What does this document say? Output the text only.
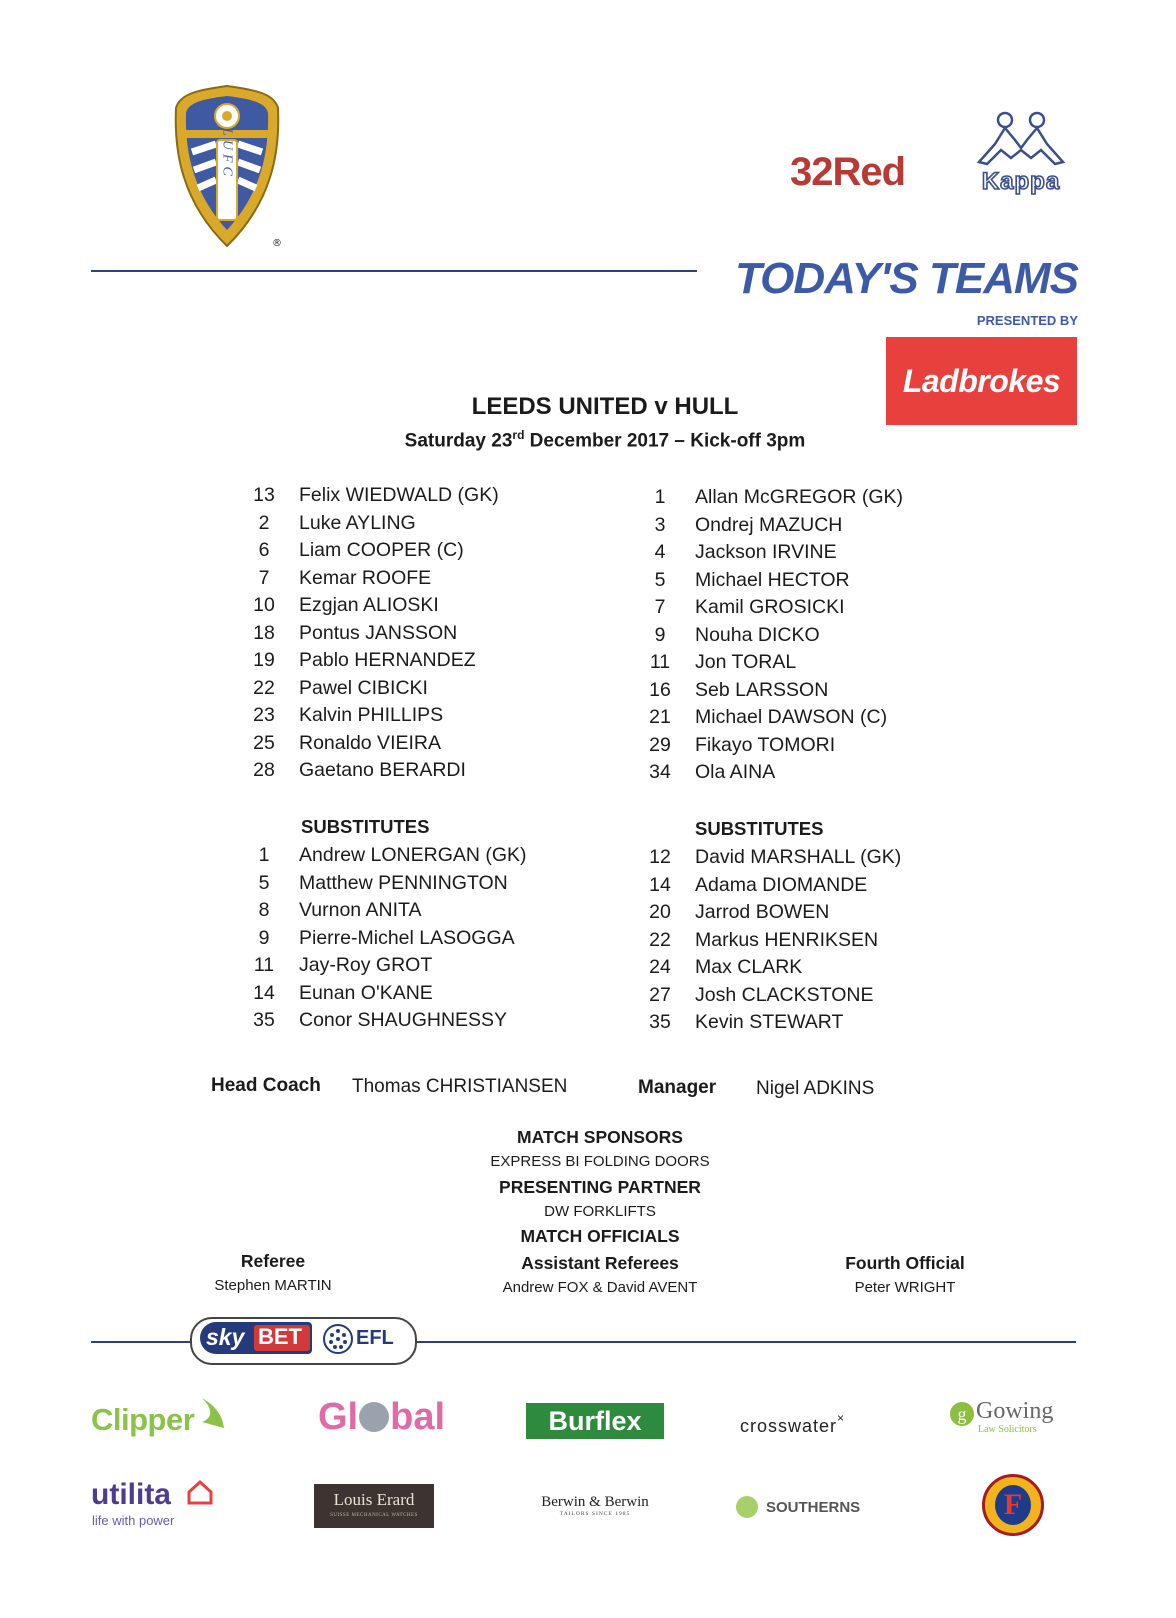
LUFC
®
32Red	Kappa
TODAY'S TEAMS
PRESENTED BY
Ladbrokes
LEEDS UNITED v HULL
Saturday 23rd December 2017 – Kick-off 3pm
13	Felix WIEDWALD (GK)
2	Luke AYLING
6	Liam COOPER (C)
7	Kemar ROOFE
10	Ezgjan ALIOSKI
18	Pontus JANSSON
19	Pablo HERNANDEZ
22	Pawel CIBICKI
23	Kalvin PHILLIPS
25	Ronaldo VIEIRA
28	Gaetano BERARDI
SUBSTITUTES
1	Andrew LONERGAN (GK)
5	Matthew PENNINGTON
8	Vurnon ANITA
9	Pierre-Michel LASOGGA
11	Jay-Roy GROT
14	Eunan O'KANE
35	Conor SHAUGHNESSY
1	Allan McGREGOR (GK)
3	Ondrej MAZUCH
4	Jackson IRVINE
5	Michael HECTOR
7	Kamil GROSICKI
9	Nouha DICKO
11	Jon TORAL
16	Seb LARSSON
21	Michael DAWSON (C)
29	Fikayo TOMORI
34	Ola AINA
SUBSTITUTES
12	David MARSHALL (GK)
14	Adama DIOMANDE
20	Jarrod BOWEN
22	Markus HENRIKSEN
24	Max CLARK
27	Josh CLACKSTONE
35	Kevin STEWART
Head Coach Thomas CHRISTIANSEN	Manager Nigel ADKINS
MATCH SPONSORS
EXPRESS BI FOLDING DOORS
PRESENTING PARTNER
DW FORKLIFTS
MATCH OFFICIALS
Referee
Stephen MARTIN
Assistant Referees
Andrew FOX & David AVENT
Fourth Official
Peter WRIGHT
sky BET	EFL
Clipper	Gl bal	Burflex	crosswater×	g Gowing
Law Solicitors
utilita
life with power
Louis Erard
SUISSE MECHANICAL WATCHES
Berwin & Berwin
TAILORS SINCE 1985	SOUTHERNS	F
